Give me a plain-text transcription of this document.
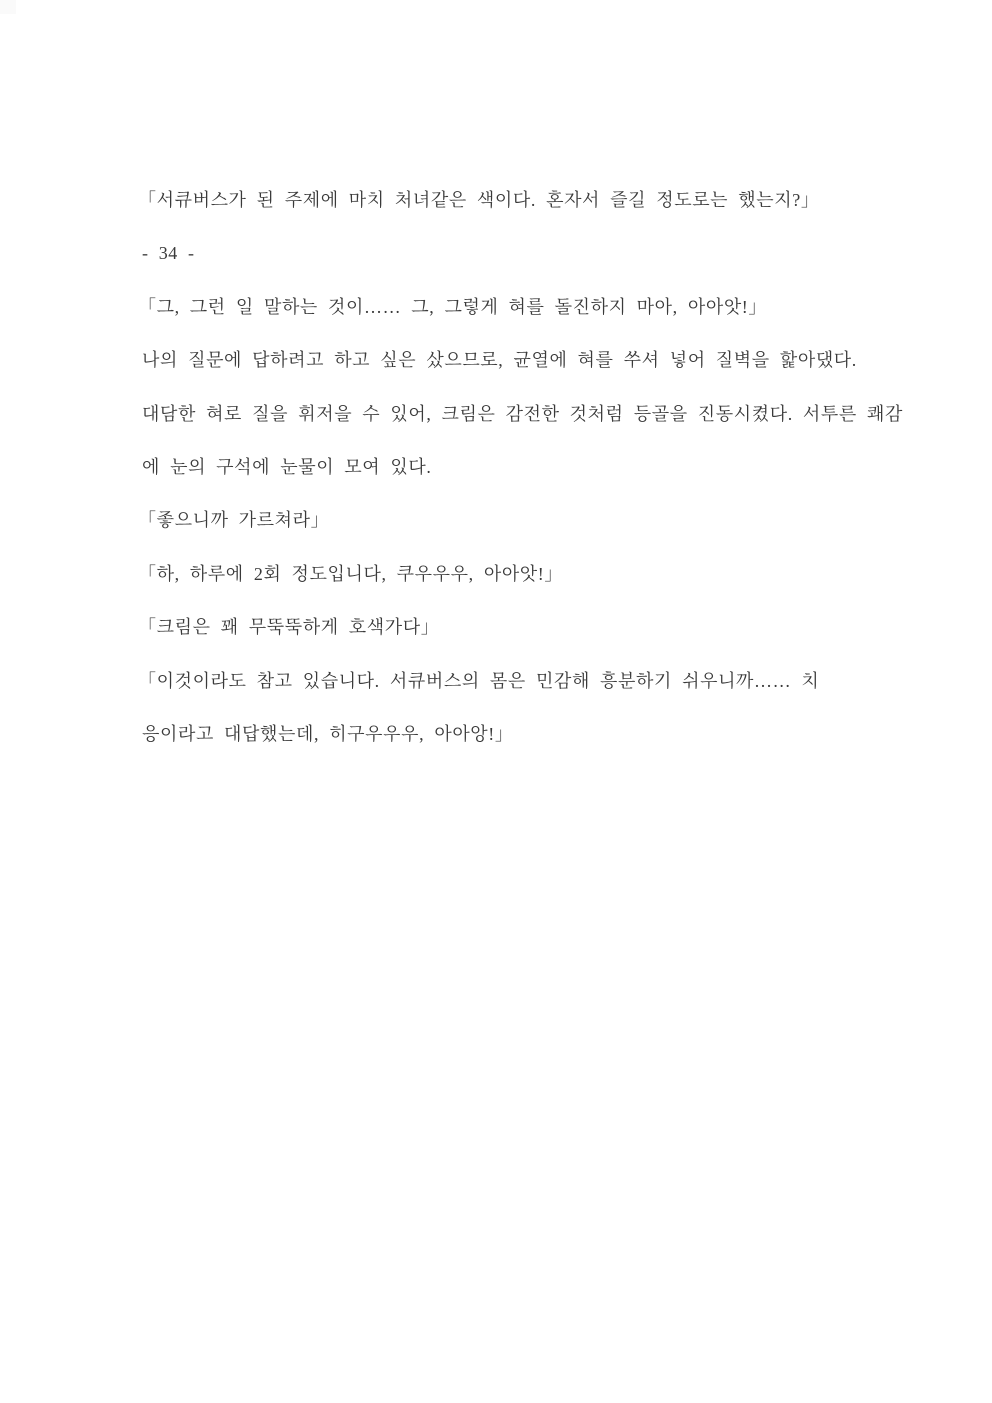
「서큐버스가 된 주제에 마치 처녀같은 색이다. 혼자서 즐길 정도로는 했는지?」

- 34 -

「그, 그런 일 말하는 것이…… 그, 그렇게 혀를 돌진하지 마아, 아아앗!」

나의 질문에 답하려고 하고 싶은 샀으므로, 균열에 혀를 쑤셔 넣어 질벽을 핥아댔다.

대담한 혀로 질을 휘저을 수 있어, 크림은 감전한 것처럼 등골을 진동시켰다. 서투른 쾌감

에 눈의 구석에 눈물이 모여 있다.

「좋으니까 가르쳐라」

「하, 하루에 2회 정도입니다, 쿠우우우, 아아앗!」

「크림은 꽤 무뚝뚝하게 호색가다」

「이것이라도 참고 있습니다. 서큐버스의 몸은 민감해 흥분하기 쉬우니까…… 치

응이라고 대답했는데, 히구우우우, 아아앙!」
